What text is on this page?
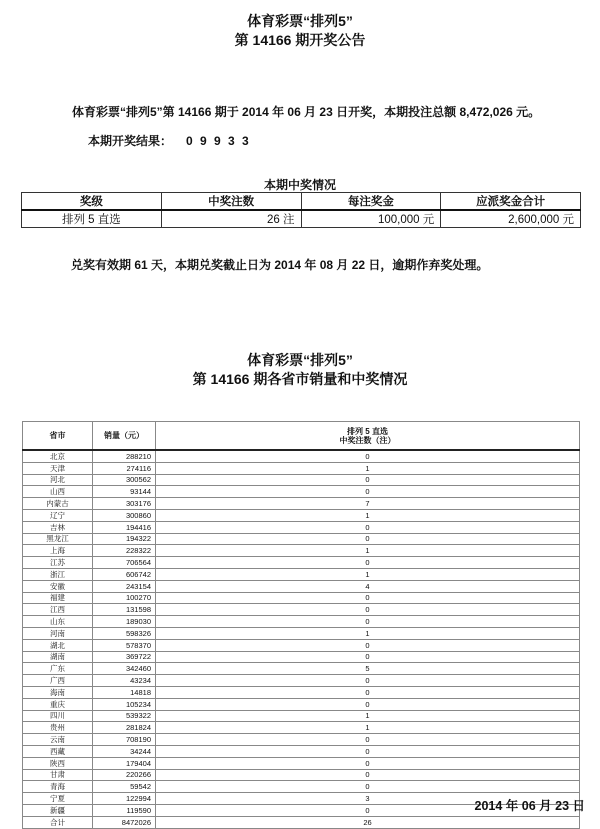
体育彩票“排列5”
第 14166 期开奖公告
体育彩票“排列5”第 14166 期于 2014 年 06 月 23 日开奖，本期投注总额 8,472,026 元。
本期开奖结果： 0 9 9 3 3
本期中奖情况
奖级	中奖注数	每注奖金	应派奖金合计
排列 5 直选	26 注	100,000 元	2,600,000 元
兑奖有效期 61 天，本期兑奖截止日为 2014 年 08 月 22 日，逾期作弃奖处理。
体育彩票“排列5”
第 14166 期各省市销量和中奖情况
省市	销量（元）	排列 5 直选
中奖注数（注）

北京	288210	0
天津	274116	1
河北	300562	0
山西	93144	0
内蒙古	303176	7
辽宁	300860	1
吉林	194416	0
黑龙江	194322	0
上海	228322	1
江苏	706564	0
浙江	606742	1
安徽	243154	4
福建	100270	0
江西	131598	0
山东	189030	0
河南	598326	1
湖北	578370	0
湖南	369722	0
广东	342460	5
广西	43234	0
海南	14818	0
重庆	105234	0
四川	539322	1
贵州	281824	1
云南	708190	0
西藏	34244	0
陕西	179404	0
甘肃	220266	0
青海	59542	0
宁夏	122994	3
新疆	119590	0
合计	8472026	26
2014 年 06 月 23 日
